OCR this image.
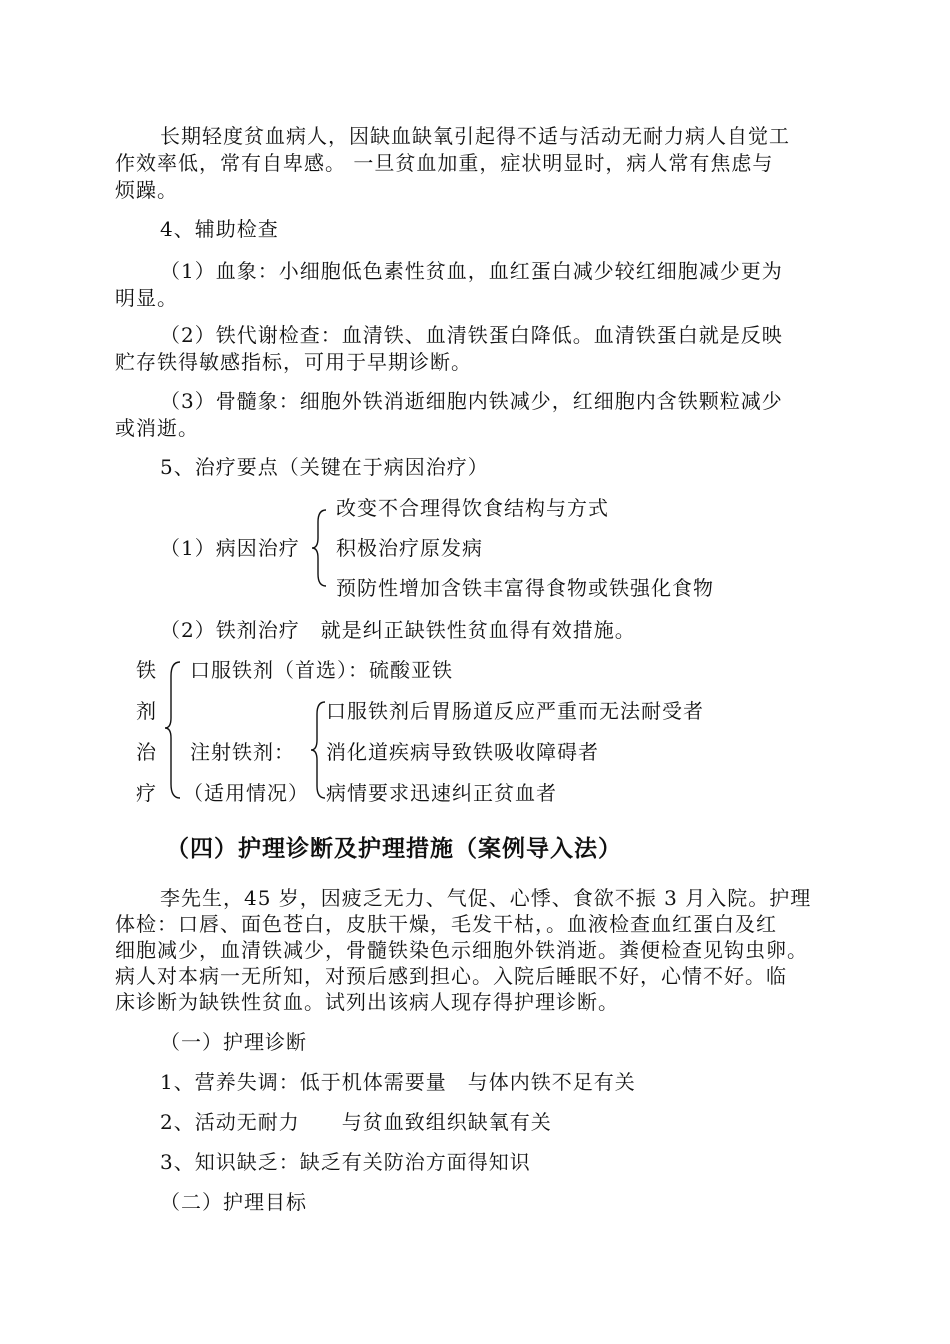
长期轻度贫血病人，因缺血缺氧引起得不适与活动无耐力病人自觉工
作效率低，常有自卑感。 一旦贫血加重，症状明显时，病人常有焦虑与
烦躁。
4、辅助检查
（1）血象：小细胞低色素性贫血，血红蛋白减少较红细胞减少更为
明显。
（2）铁代谢检查：血清铁、血清铁蛋白降低。血清铁蛋白就是反映
贮存铁得敏感指标，可用于早期诊断。
（3）骨髓象：细胞外铁消逝细胞内铁减少，红细胞内含铁颗粒减少
或消逝。
5、治疗要点（关键在于病因治疗）
（1）病因治疗
改变不合理得饮食结构与方式
积极治疗原发病
预防性增加含铁丰富得食物或铁强化食物
（2）铁剂治疗　就是纠正缺铁性贫血得有效措施。
铁
剂
治
疗
口服铁剂（首选）：硫酸亚铁
注射铁剂：
（适用情况）
口服铁剂后胃肠道反应严重而无法耐受者
消化道疾病导致铁吸收障碍者
病情要求迅速纠正贫血者
（四）护理诊断及护理措施（案例导入法）
李先生，45 岁，因疲乏无力、气促、心悸、食欲不振 3 月入院。护理
体检：口唇、面色苍白，皮肤干燥，毛发干枯，。血液检查血红蛋白及红
细胞减少，血清铁减少，骨髓铁染色示细胞外铁消逝。粪便检查见钩虫卵。
病人对本病一无所知，对预后感到担心。入院后睡眠不好，心情不好。临
床诊断为缺铁性贫血。试列出该病人现存得护理诊断。
（一）护理诊断
1、营养失调：低于机体需要量　与体内铁不足有关
2、活动无耐力　　与贫血致组织缺氧有关
3、知识缺乏：缺乏有关防治方面得知识
（二）护理目标
